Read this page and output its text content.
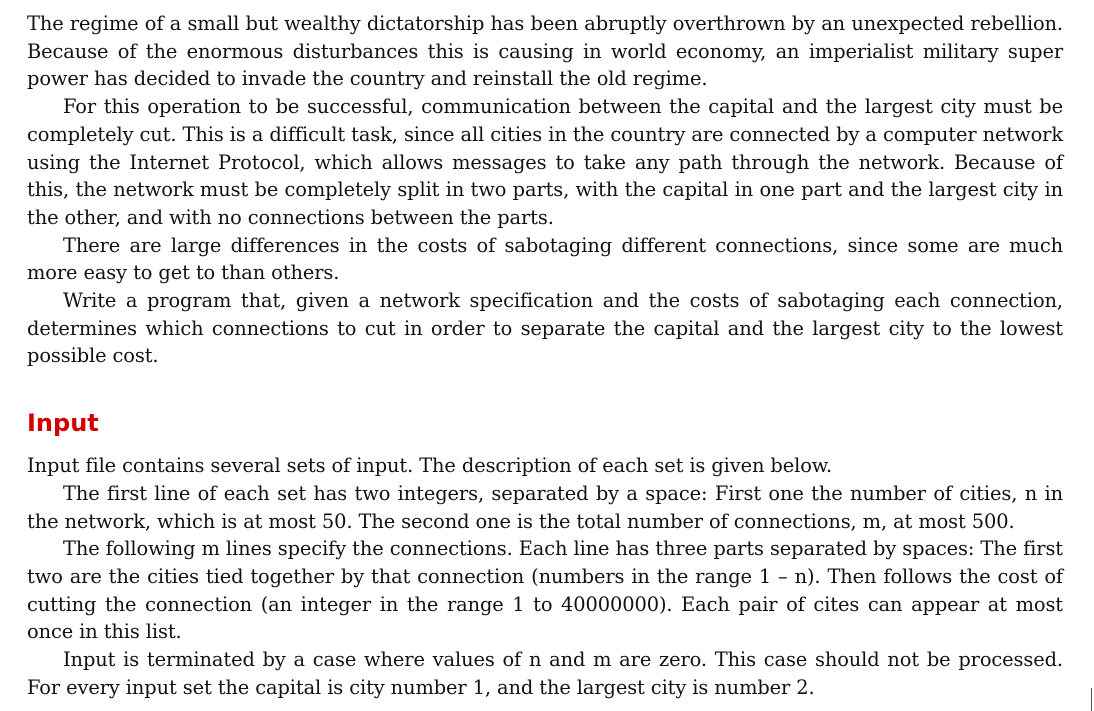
The regime of a small but wealthy dictatorship has been abruptly overthrown by an unexpected rebellion. Because of the enormous disturbances this is causing in world economy, an imperialist military super power has decided to invade the country and reinstall the old regime.

For this operation to be successful, communication between the capital and the largest city must be completely cut. This is a difficult task, since all cities in the country are connected by a computer network using the Internet Protocol, which allows messages to take any path through the network. Because of this, the network must be completely split in two parts, with the capital in one part and the largest city in the other, and with no connections between the parts.

There are large differences in the costs of sabotaging different connections, since some are much more easy to get to than others.

Write a program that, given a network specification and the costs of sabotaging each connection, determines which connections to cut in order to separate the capital and the largest city to the lowest possible cost.

Input

Input file contains several sets of input. The description of each set is given below.

The first line of each set has two integers, separated by a space: First one the number of cities, n in the network, which is at most 50. The second one is the total number of connections, m, at most 500.

The following m lines specify the connections. Each line has three parts separated by spaces: The first two are the cities tied together by that connection (numbers in the range 1 – n). Then follows the cost of cutting the connection (an integer in the range 1 to 40000000). Each pair of cites can appear at most once in this list.

Input is terminated by a case where values of n and m are zero. This case should not be processed. For every input set the capital is city number 1, and the largest city is number 2.
